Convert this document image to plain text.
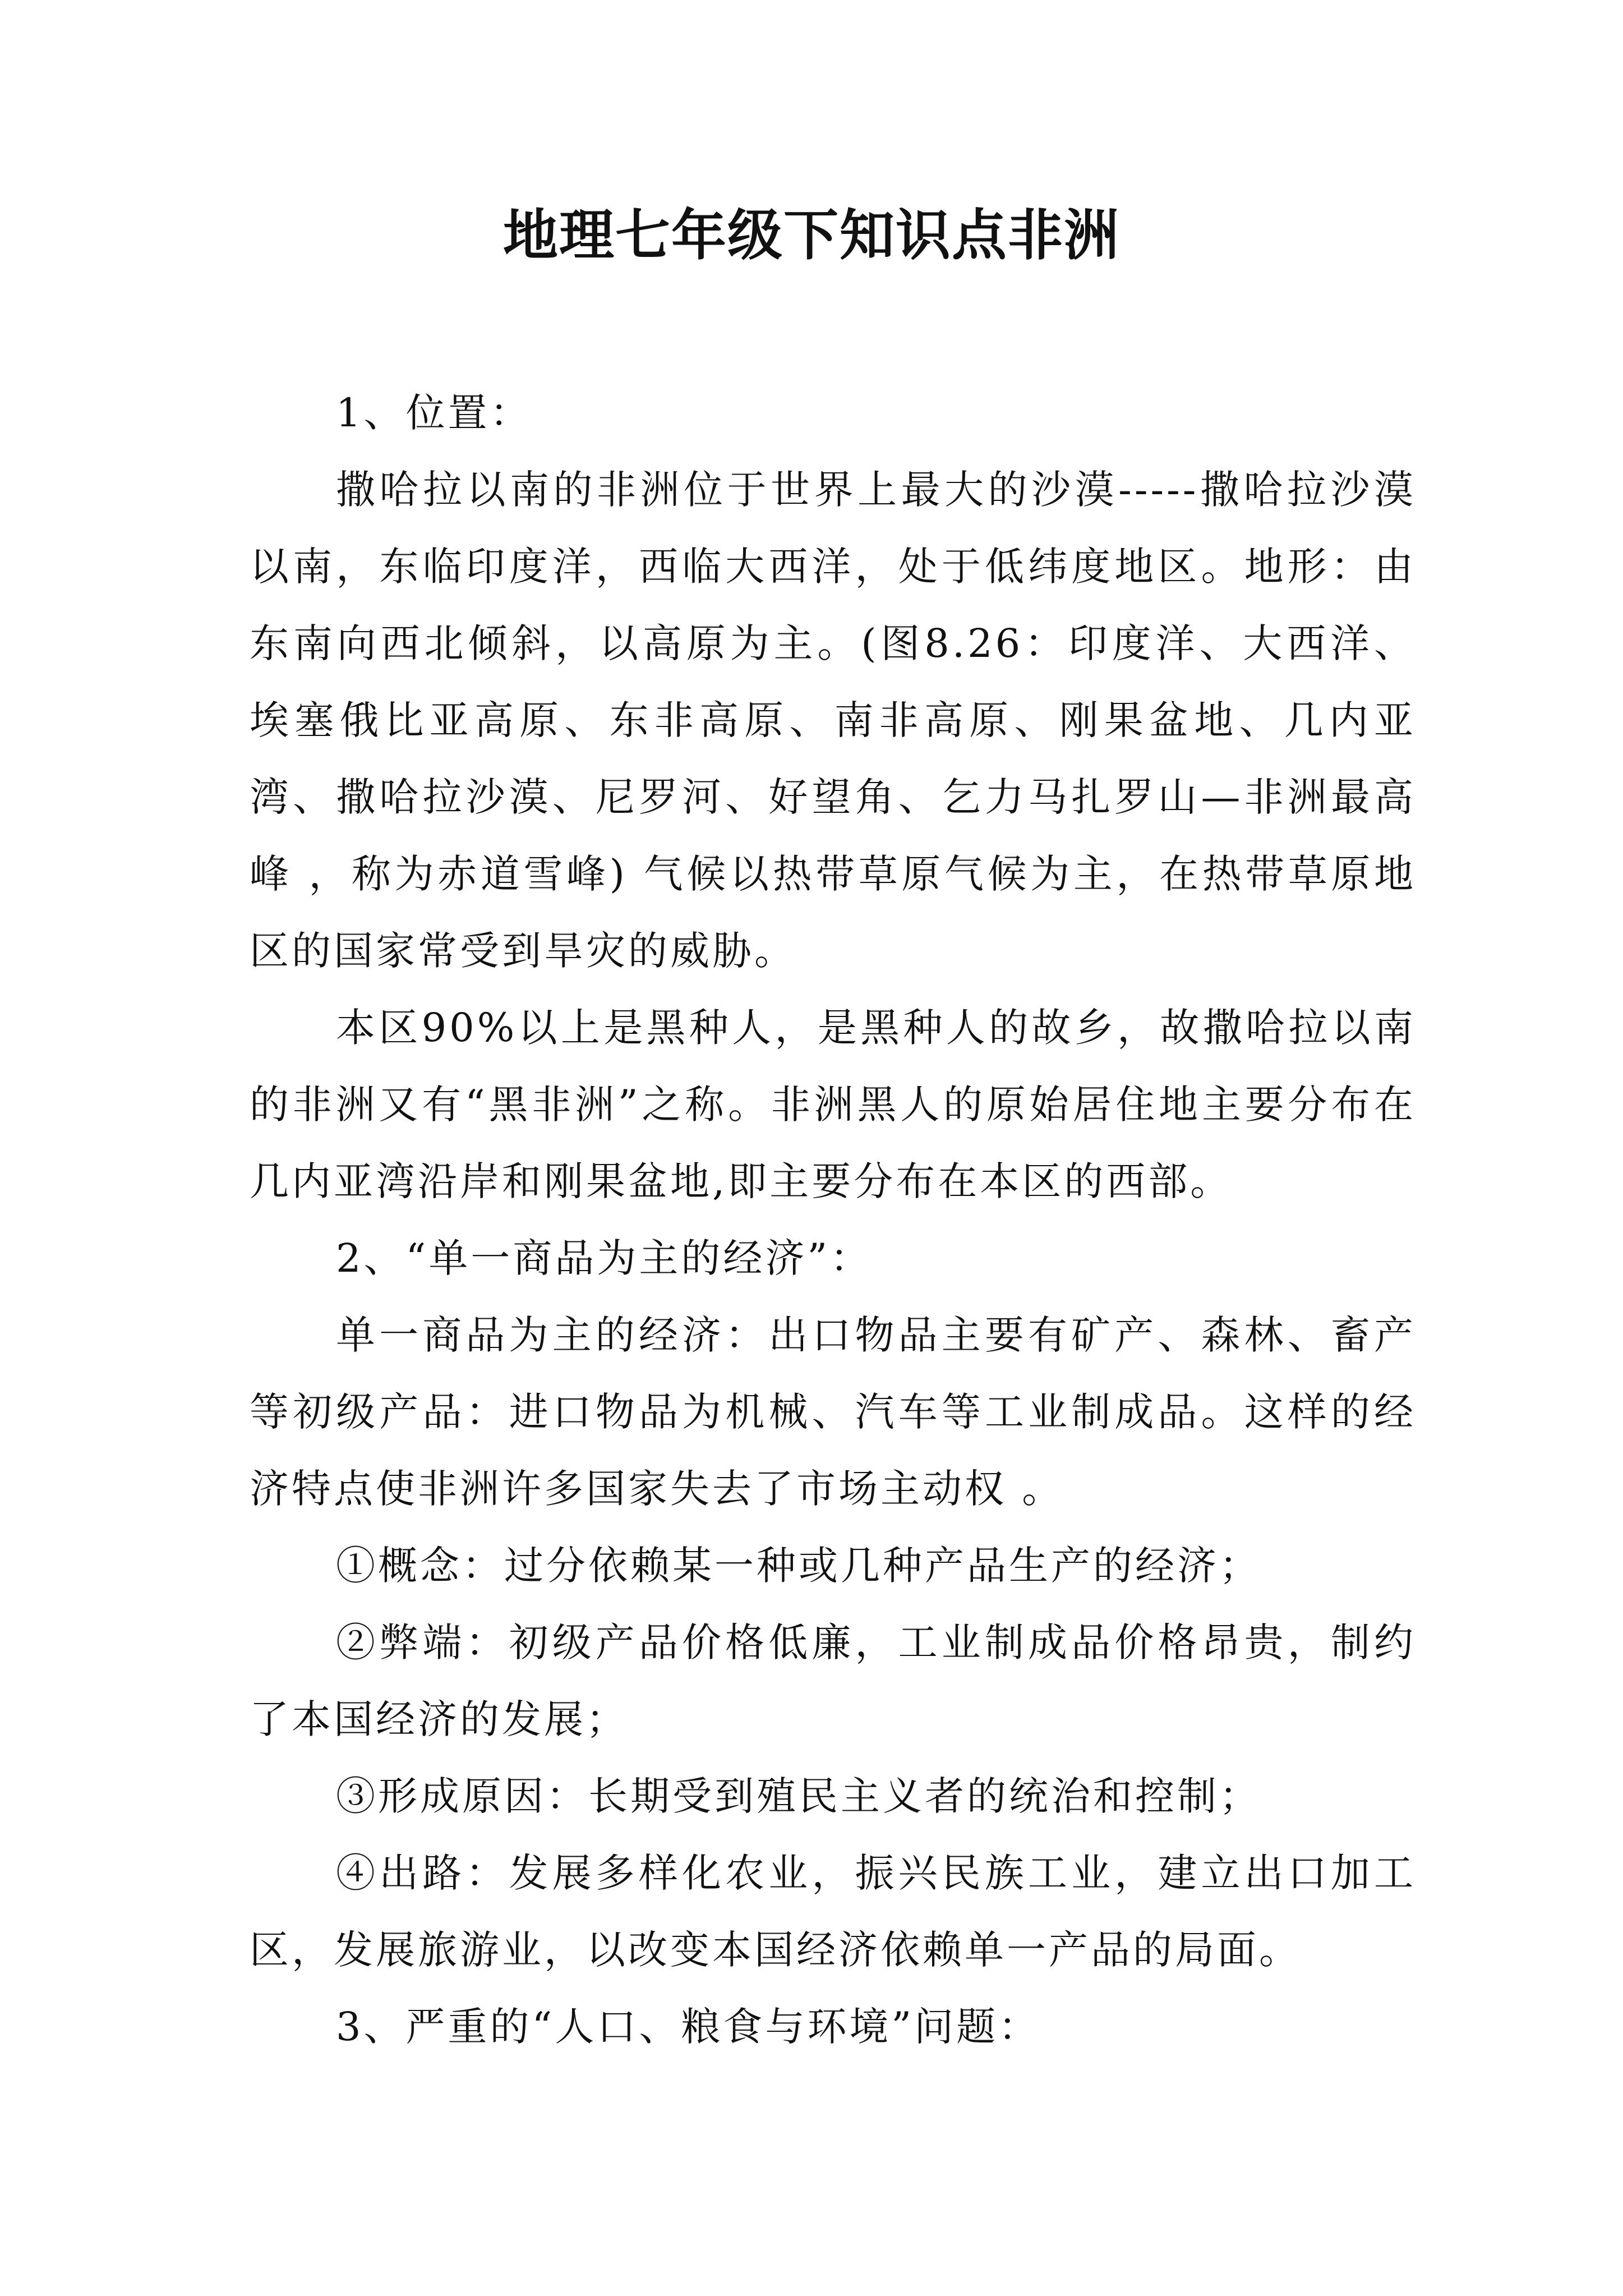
地理七年级下知识点非洲

1、位置：

撒哈拉以南的非洲位于世界上最大的沙漠-----撒哈拉沙漠以南，东临印度洋，西临大西洋，处于低纬度地区。地形：由东南向西北倾斜，以高原为主。(图8.26：印度洋、大西洋、埃塞俄比亚高原、东非高原、南非高原、刚果盆地、几内亚湾、撒哈拉沙漠、尼罗河、好望角、乞力马扎罗山—非洲最高峰 ，称为赤道雪峰) 气候以热带草原气候为主，在热带草原地区的国家常受到旱灾的威胁。

本区90%以上是黑种人，是黑种人的故乡，故撒哈拉以南的非洲又有“黑非洲”之称。非洲黑人的原始居住地主要分布在几内亚湾沿岸和刚果盆地,即主要分布在本区的西部。

2、“单一商品为主的经济”：

单一商品为主的经济：出口物品主要有矿产、森林、畜产等初级产品：进口物品为机械、汽车等工业制成品。这样的经济特点使非洲许多国家失去了市场主动权 。

①概念：过分依赖某一种或几种产品生产的经济；

②弊端：初级产品价格低廉，工业制成品价格昂贵，制约了本国经济的发展；

③形成原因：长期受到殖民主义者的统治和控制；

④出路：发展多样化农业，振兴民族工业，建立出口加工区，发展旅游业，以改变本国经济依赖单一产品的局面。

3、严重的“人口、粮食与环境”问题：
